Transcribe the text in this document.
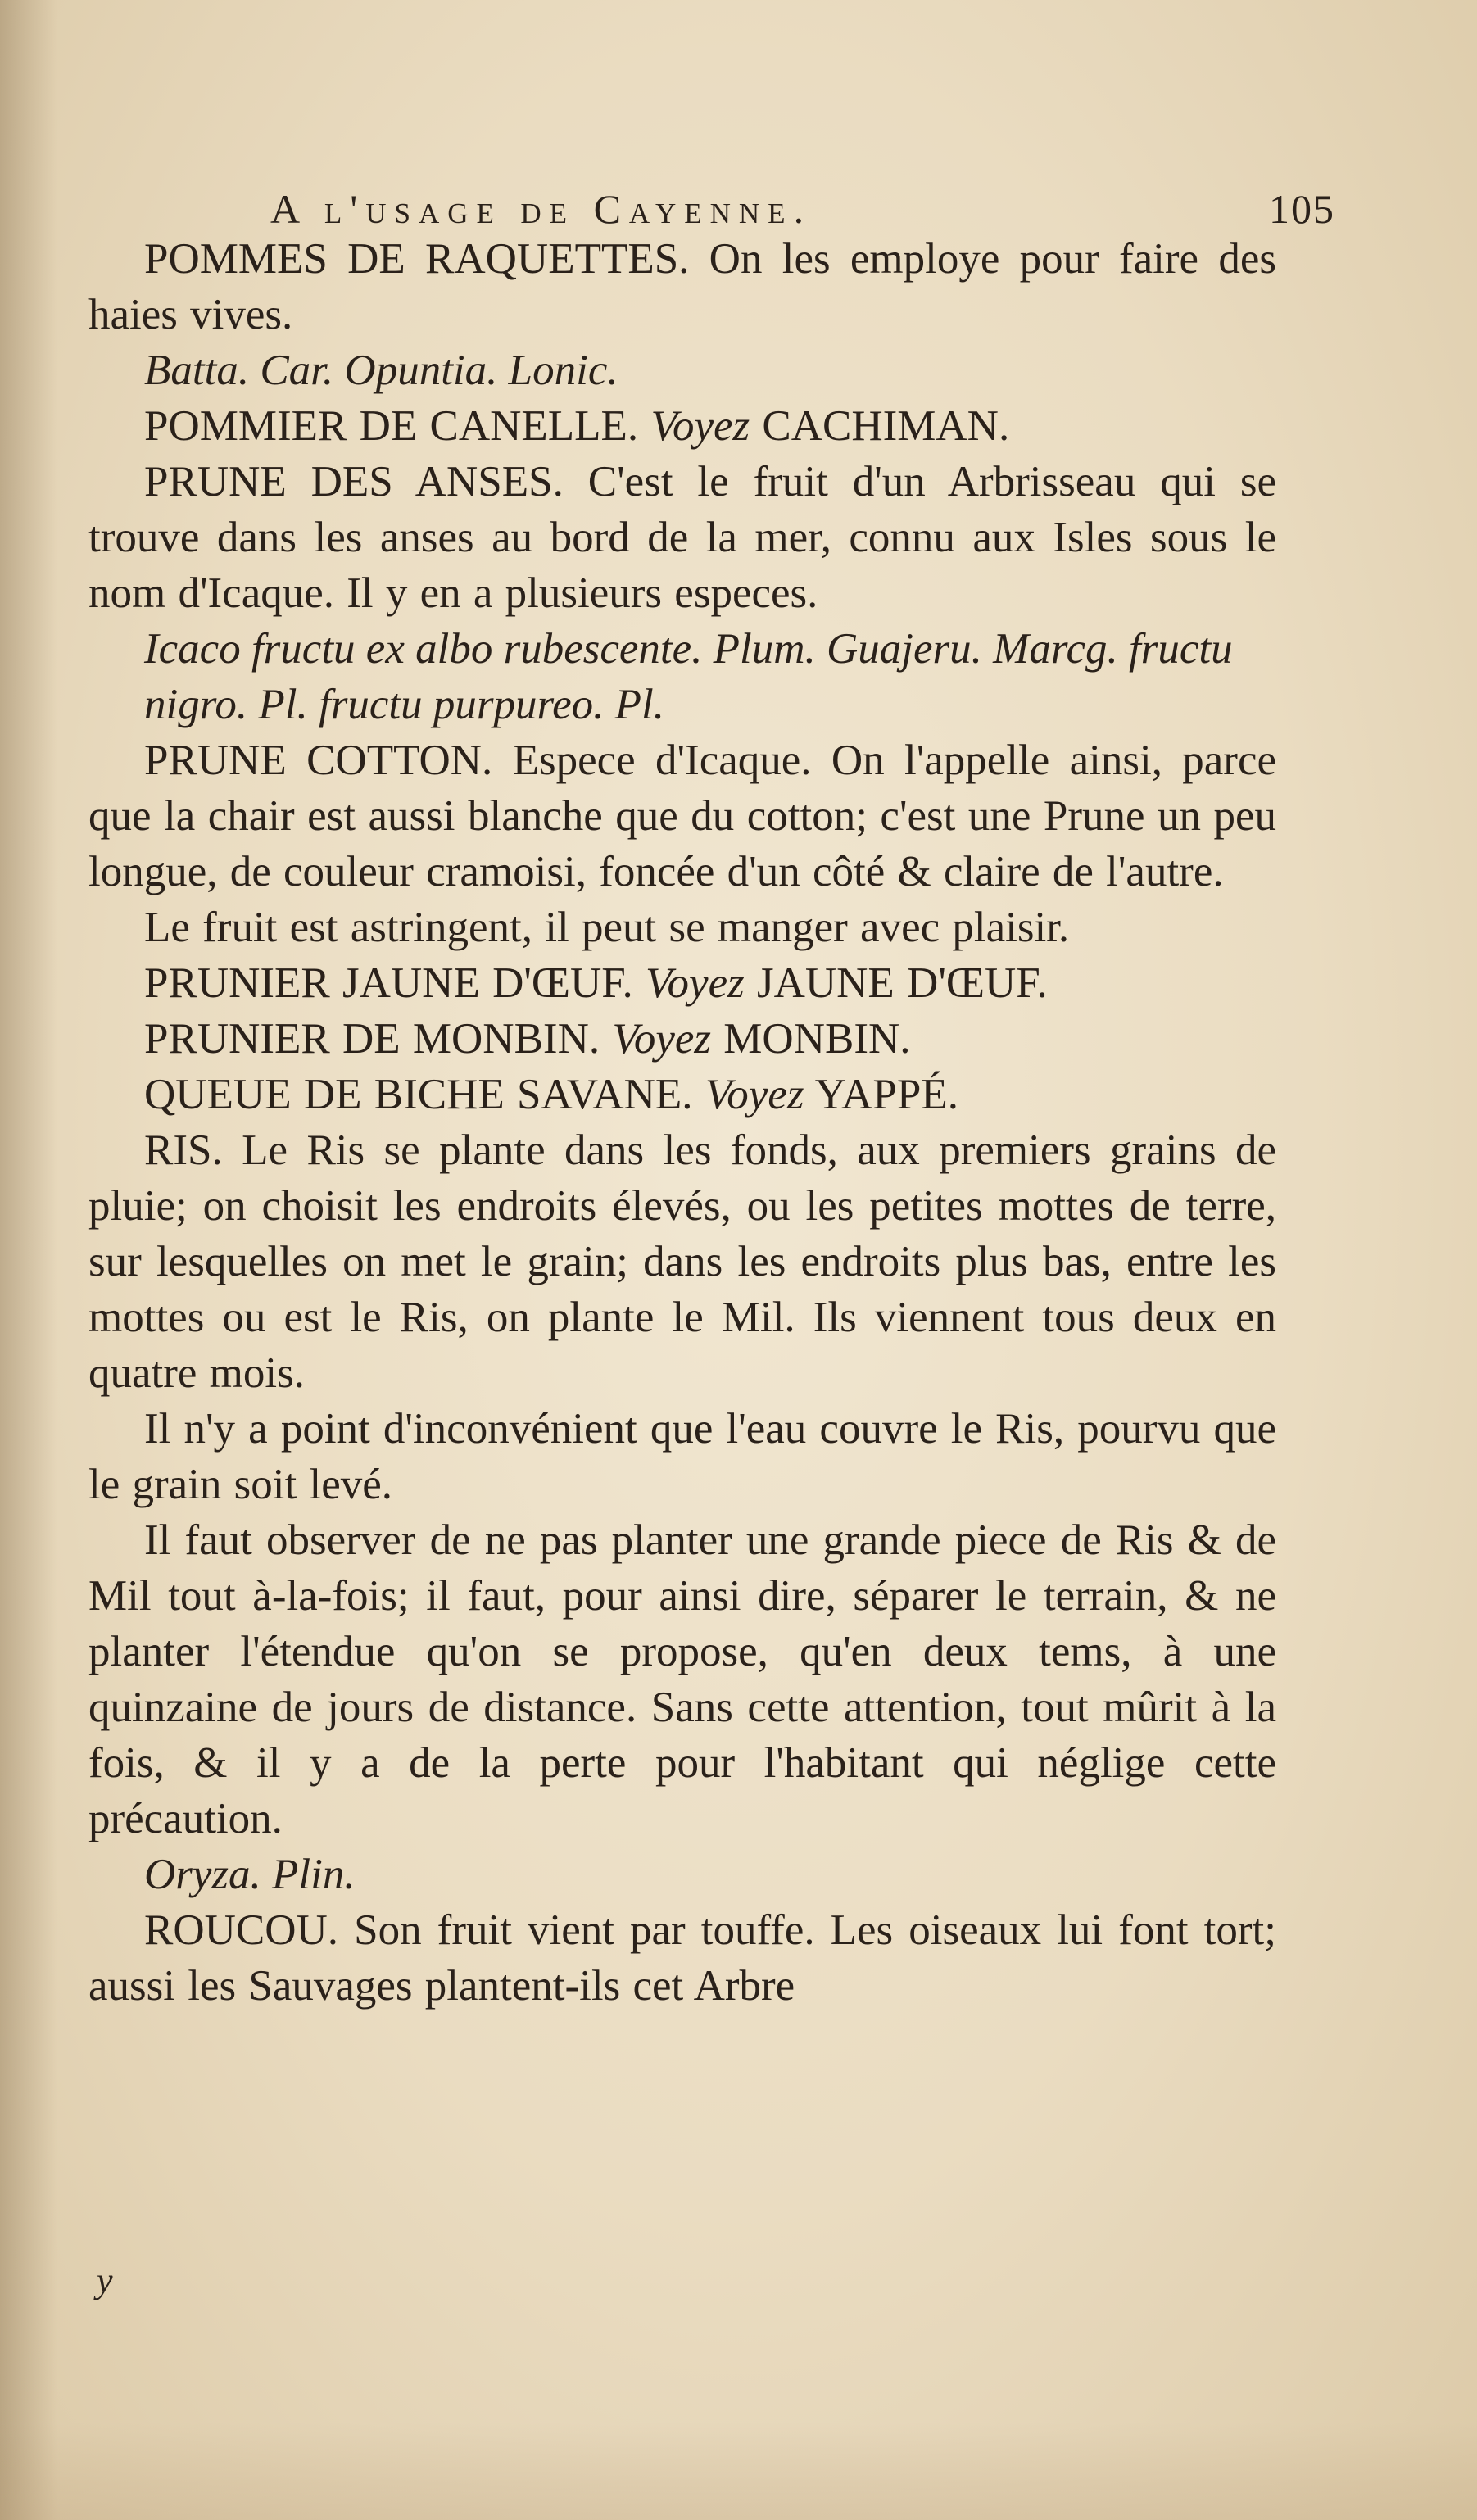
A l'usage de Cayenne.	105

POMMES DE RAQUETTES. On les employe pour faire des haies vives.

Batta. Car. Opuntia. Lonic.

POMMIER DE CANELLE. Voyez CACHIMAN.

PRUNE DES ANSES. C'est le fruit d'un Arbrisseau qui se trouve dans les anses au bord de la mer, connu aux Isles sous le nom d'Icaque. Il y en a plusieurs especes.

Icaco fructu ex albo rubescente. Plum. Guajeru. Marcg. fructu nigro. Pl. fructu purpureo. Pl.

PRUNE COTTON. Espece d'Icaque. On l'appelle ainsi, parce que la chair est aussi blanche que du cotton; c'est une Prune un peu longue, de couleur cramoisi, foncée d'un côté & claire de l'autre.

Le fruit est astringent, il peut se manger avec plaisir.

PRUNIER JAUNE D'ŒUF. Voyez JAUNE D'ŒUF.

PRUNIER DE MONBIN. Voyez MONBIN.

QUEUE DE BICHE SAVANE. Voyez YAPPÉ.

RIS. Le Ris se plante dans les fonds, aux premiers grains de pluie; on choisit les endroits élevés, ou les petites mottes de terre, sur lesquelles on met le grain; dans les endroits plus bas, entre les mottes ou est le Ris, on plante le Mil. Ils viennent tous deux en quatre mois.

Il n'y a point d'inconvénient que l'eau couvre le Ris, pourvu que le grain soit levé.

Il faut observer de ne pas planter une grande piece de Ris & de Mil tout à-la-fois; il faut, pour ainsi dire, séparer le terrain, & ne planter l'étendue qu'on se propose, qu'en deux tems, à une quinzaine de jours de distance. Sans cette attention, tout mûrit à la fois, & il y a de la perte pour l'habitant qui néglige cette précaution.

Oryza. Plin.

ROUCOU. Son fruit vient par touffe. Les oiseaux lui font tort; aussi les Sauvages plantent-ils cet Arbre

y
